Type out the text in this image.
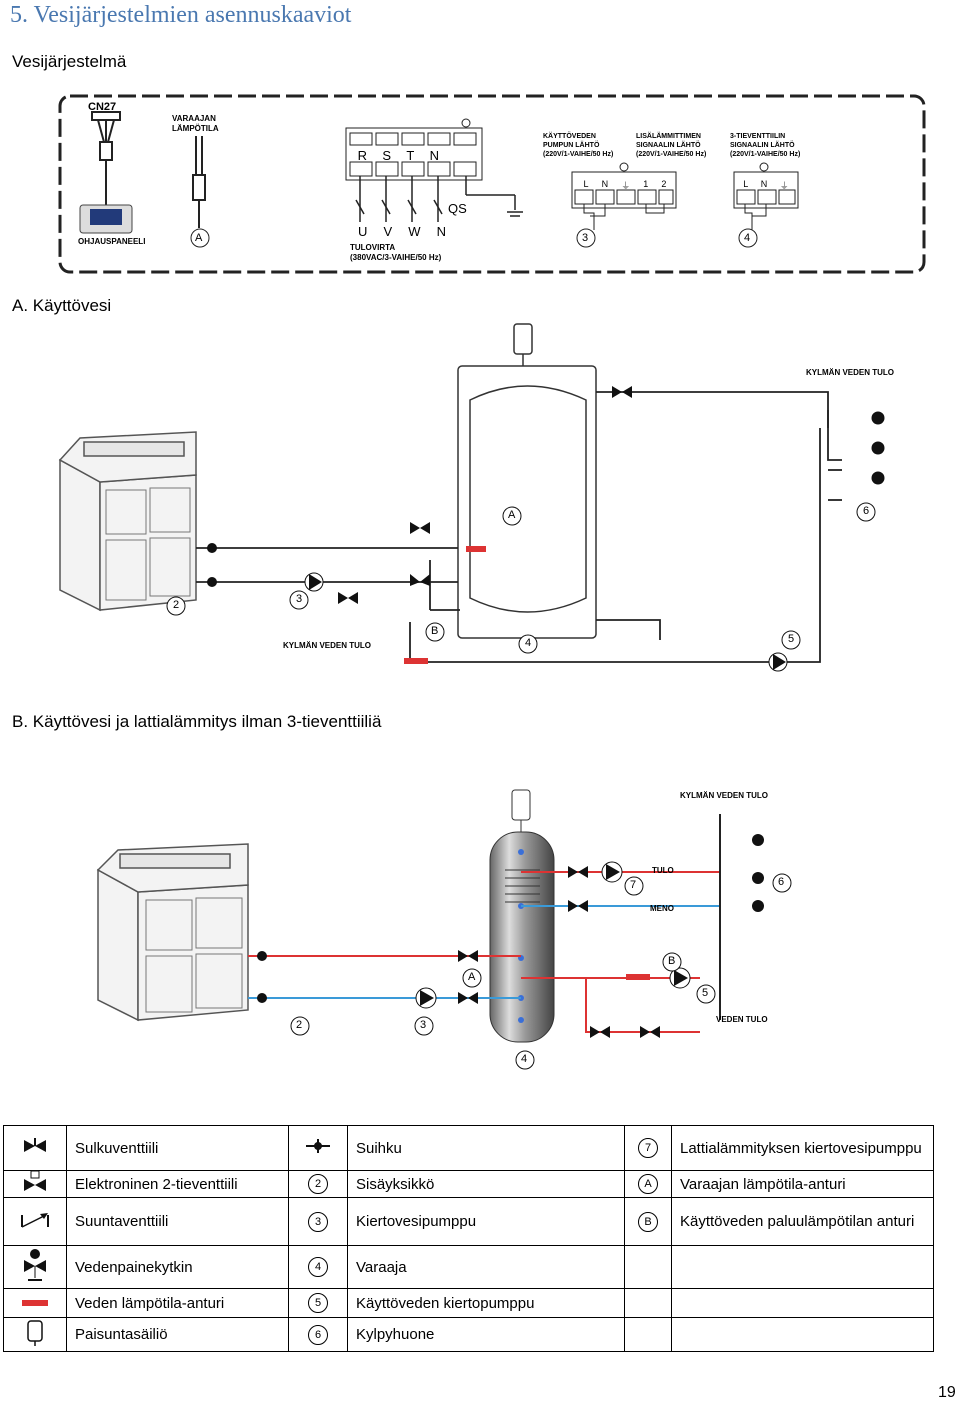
5. Vesijärjestelmien asennuskaaviot
Vesijärjestelmä
A. Käyttövesi
B. Käyttövesi ja lattialämmitys ilman 3-tieventtiiliä
CN27
OHJAUSPANEELI
VARAAJAN
LÄMPÖTILA
A
R S T N
U V W N
QS
TULOVIRTA
(380VAC/3-VAIHE/50 Hz)
KÄYTTÖVEDEN
PUMPUN LÄHTÖ
(220V/1-VAIHE/50 Hz)
LISÄLÄMMITTIMEN
SIGNAALIN LÄHTÖ
(220V/1-VAIHE/50 Hz)
3-TIEVENTTIILIN
SIGNAALIN LÄHTÖ
(220V/1-VAIHE/50 Hz)
L N ⏚ 1 2	L N ⏚
3	4
KYLMÄN VEDEN TULO
KYLMÄN VEDEN TULO
A
B
2	3
4	5
6
KYLMÄN VEDEN TULO
TULO
MENO
VEDEN TULO
A
B
2	3
4
5
6
7
	Sulkuventtiili		Suihku	7	Lattialämmityksen kiertovesipumppu
	Elektroninen 2-tieventtiili	2	Sisäyksikkö	A	Varaajan lämpötila-anturi
	Suuntaventtiili	3	Kiertovesipumppu	B	Käyttöveden paluulämpötilan anturi
	Vedenpainekytkin	4	Varaaja		
	Veden lämpötila-anturi	5	Käyttöveden kiertopumppu		
	Paisuntasäiliö	6	Kylpyhuone		
19
